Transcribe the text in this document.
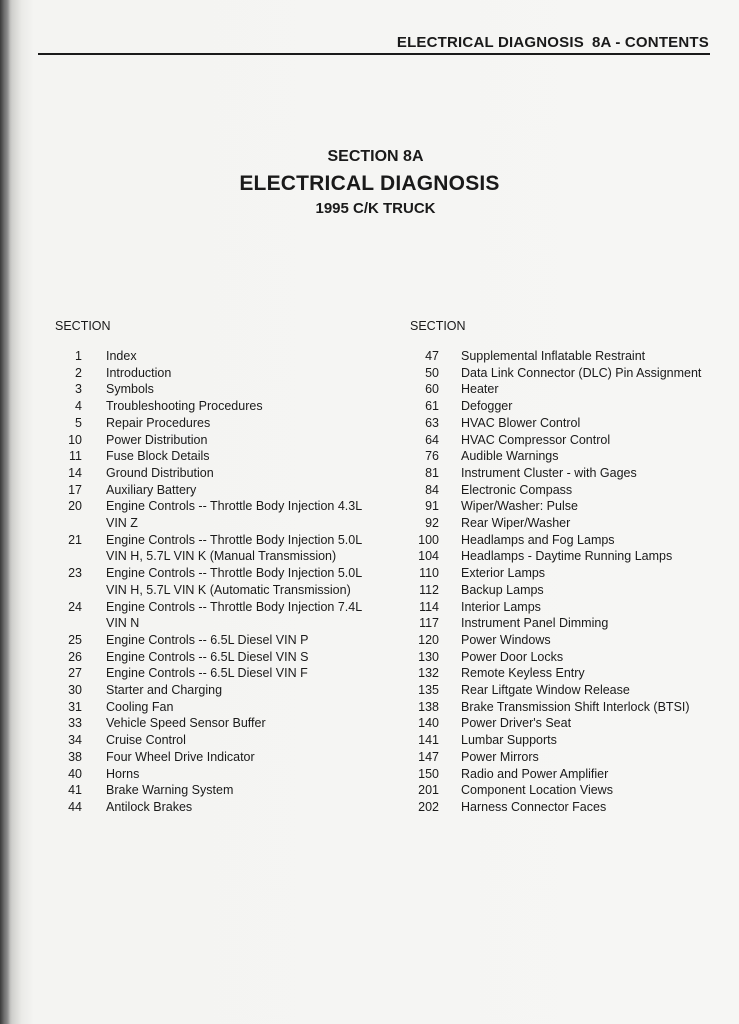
ELECTRICAL DIAGNOSIS 8A - CONTENTS
SECTION 8A
ELECTRICAL DIAGNOSIS
1995 C/K TRUCK
SECTION
1 Index
2 Introduction
3 Symbols
4 Troubleshooting Procedures
5 Repair Procedures
10 Power Distribution
11 Fuse Block Details
14 Ground Distribution
17 Auxiliary Battery
20 Engine Controls -- Throttle Body Injection 4.3L VIN Z
21 Engine Controls -- Throttle Body Injection 5.0L VIN H, 5.7L VIN K (Manual Transmission)
23 Engine Controls -- Throttle Body Injection 5.0L VIN H, 5.7L VIN K (Automatic Transmission)
24 Engine Controls -- Throttle Body Injection 7.4L VIN N
25 Engine Controls -- 6.5L Diesel VIN P
26 Engine Controls -- 6.5L Diesel VIN S
27 Engine Controls -- 6.5L Diesel VIN F
30 Starter and Charging
31 Cooling Fan
33 Vehicle Speed Sensor Buffer
34 Cruise Control
38 Four Wheel Drive Indicator
40 Horns
41 Brake Warning System
44 Antilock Brakes
SECTION
47 Supplemental Inflatable Restraint
50 Data Link Connector (DLC) Pin Assignment
60 Heater
61 Defogger
63 HVAC Blower Control
64 HVAC Compressor Control
76 Audible Warnings
81 Instrument Cluster - with Gages
84 Electronic Compass
91 Wiper/Washer: Pulse
92 Rear Wiper/Washer
100 Headlamps and Fog Lamps
104 Headlamps - Daytime Running Lamps
110 Exterior Lamps
112 Backup Lamps
114 Interior Lamps
117 Instrument Panel Dimming
120 Power Windows
130 Power Door Locks
132 Remote Keyless Entry
135 Rear Liftgate Window Release
138 Brake Transmission Shift Interlock (BTSI)
140 Power Driver's Seat
141 Lumbar Supports
147 Power Mirrors
150 Radio and Power Amplifier
201 Component Location Views
202 Harness Connector Faces
